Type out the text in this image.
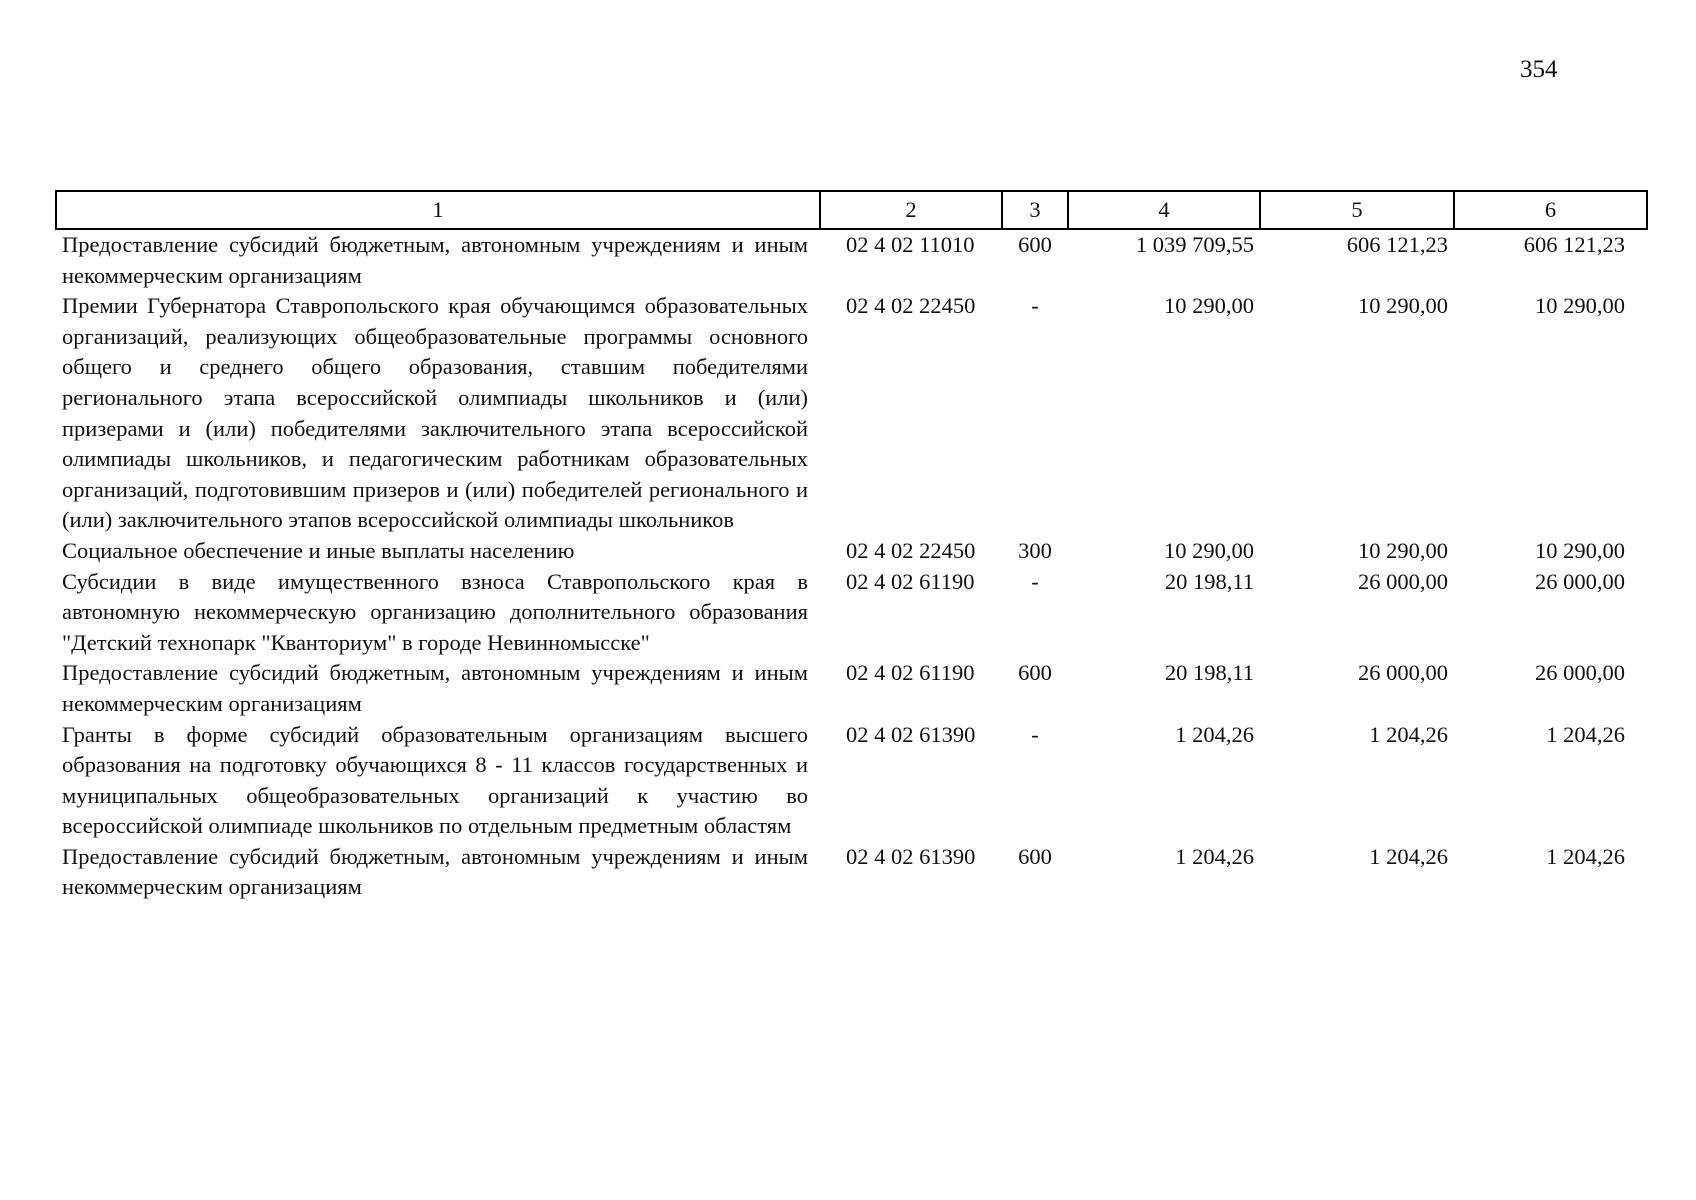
354
1	2	3	4	5	6
Предоставление субсидий бюджетным, автономным учреждениям и иным некоммерческим организациям	02 4 02 11010	600	1 039 709,55	606 121,23	606 121,23
Премии Губернатора Ставропольского края обучающимся образовательных организаций, реализующих общеобразовательные программы основного общего и среднего общего образования, ставшим победителями регионального этапа всероссийской олимпиады школьников и (или) призерами и (или) победителями заключительного этапа всероссийской олимпиады школьников, и педагогическим работникам образовательных организаций, подготовившим призеров и (или) победителей регионального и (или) заключительного этапов всероссийской олимпиады школьников	02 4 02 22450	-	10 290,00	10 290,00	10 290,00
Социальное обеспечение и иные выплаты населению	02 4 02 22450	300	10 290,00	10 290,00	10 290,00
Субсидии в виде имущественного взноса Ставропольского края в автономную некоммерческую организацию дополнительного образования "Детский технопарк "Кванториум" в городе Невинномысске"	02 4 02 61190	-	20 198,11	26 000,00	26 000,00
Предоставление субсидий бюджетным, автономным учреждениям и иным некоммерческим организациям	02 4 02 61190	600	20 198,11	26 000,00	26 000,00
Гранты в форме субсидий образовательным организациям высшего образования на подготовку обучающихся 8 - 11 классов государственных и муниципальных общеобразовательных организаций к участию во всероссийской олимпиаде школьников по отдельным предметным областям	02 4 02 61390	-	1 204,26	1 204,26	1 204,26
Предоставление субсидий бюджетным, автономным учреждениям и иным некоммерческим организациям	02 4 02 61390	600	1 204,26	1 204,26	1 204,26
